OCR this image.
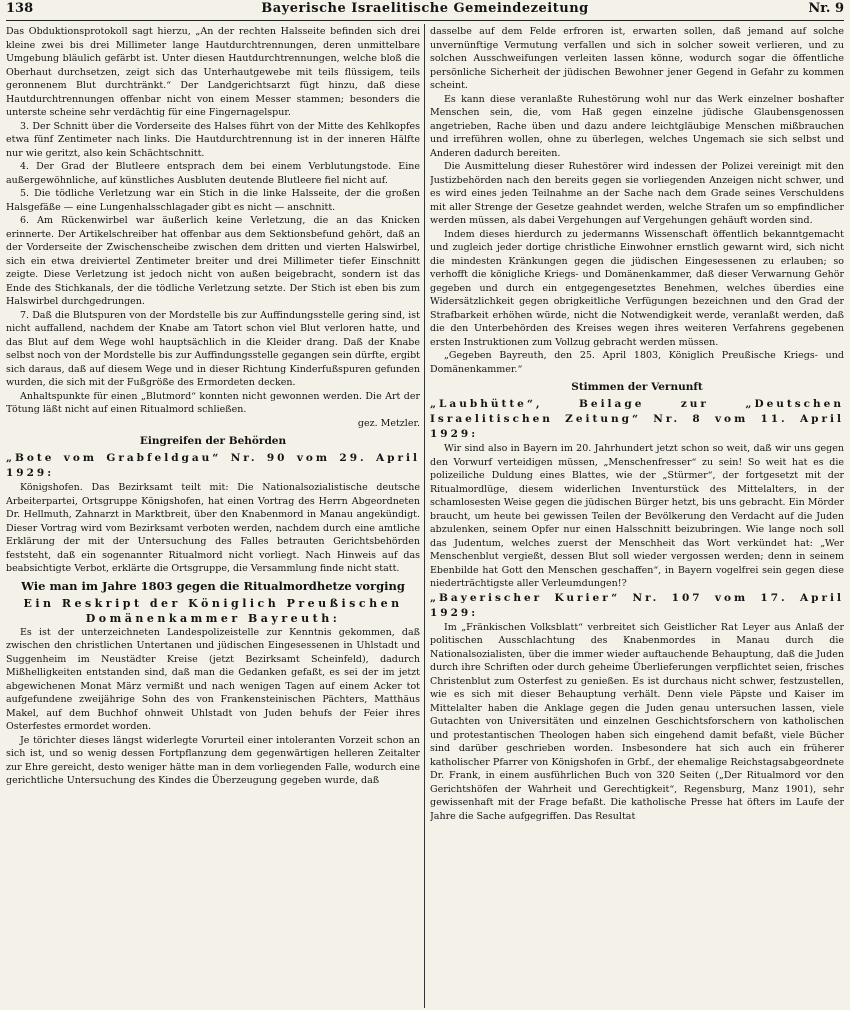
138	Bayerische Israelitische Gemeindezeitung	Nr. 9

Das Obduktionsprotokoll sagt hierzu, „An der rechten Halsseite befinden sich drei kleine zwei bis drei Millimeter lange Hautdurchtrennungen, deren unmittelbare Umgebung bläulich gefärbt ist. Unter diesen Hautdurchtrennungen, welche bloß die Oberhaut durchsetzen, zeigt sich das Unterhautgewebe mit teils flüssigem, teils geronnenem Blut durchtränkt.“ Der Landgerichtsarzt fügt hinzu, daß diese Hautdurchtrennungen offenbar nicht von einem Messer stammen; besonders die unterste scheine sehr verdächtig für eine Fingernagelspur.

3. Der Schnitt über die Vorderseite des Halses führt von der Mitte des Kehlkopfes etwa fünf Zentimeter nach links. Die Hautdurchtrennung ist in der inneren Hälfte nur wie geritzt, also kein Schächtschnitt.

4. Der Grad der Blutleere entsprach dem bei einem Verblutungstode. Eine außergewöhnliche, auf künstliches Ausbluten deutende Blutleere fiel nicht auf.

5. Die tödliche Verletzung war ein Stich in die linke Halsseite, der die großen Halsgefäße — eine Lungenhalsschlagader gibt es nicht — anschnitt.

6. Am Rückenwirbel war äußerlich keine Verletzung, die an das Knicken erinnerte. Der Artikelschreiber hat offenbar aus dem Sektionsbefund gehört, daß an der Vorderseite der Zwischenscheibe zwischen dem dritten und vierten Halswirbel, sich ein etwa dreiviertel Zentimeter breiter und drei Millimeter tiefer Einschnitt zeigte. Diese Verletzung ist jedoch nicht von außen beigebracht, sondern ist das Ende des Stichkanals, der die tödliche Verletzung setzte. Der Stich ist eben bis zum Halswirbel durchgedrungen.

7. Daß die Blutspuren von der Mordstelle bis zur Auffindungsstelle gering sind, ist nicht auffallend, nachdem der Knabe am Tatort schon viel Blut verloren hatte, und das Blut auf dem Wege wohl hauptsächlich in die Kleider drang. Daß der Knabe selbst noch von der Mordstelle bis zur Auffindungsstelle gegangen sein dürfte, ergibt sich daraus, daß auf diesem Wege und in dieser Richtung Kinderfußspuren gefunden wurden, die sich mit der Fußgröße des Ermordeten decken.

Anhaltspunkte für einen „Blutmord“ konnten nicht gewonnen werden. Die Art der Tötung läßt nicht auf einen Ritualmord schließen.

gez. Metzler.

Eingreifen der Behörden
„Bote vom Grabfeldgau“ Nr. 90 vom 29. April 1929:

Königshofen. Das Bezirksamt teilt mit: Die Nationalsozialistische deutsche Arbeiterpartei, Ortsgruppe Königshofen, hat einen Vortrag des Herrn Abgeordneten Dr. Hellmuth, Zahnarzt in Marktbreit, über den Knabenmord in Manau angekündigt. Dieser Vortrag wird vom Bezirksamt verboten werden, nachdem durch eine amtliche Erklärung der mit der Untersuchung des Falles betrauten Gerichtsbehörden feststeht, daß ein sogenannter Ritualmord nicht vorliegt. Nach Hinweis auf das beabsichtigte Verbot, erklärte die Ortsgruppe, die Versammlung finde nicht statt.

Wie man im Jahre 1803 gegen die Ritualmordhetze vorging
Ein Reskript der Königlich Preußischen Domänenkammer Bayreuth:

Es ist der unterzeichneten Landespolizeistelle zur Kenntnis gekommen, daß zwischen den christlichen Untertanen und jüdischen Eingesessenen in Uhlstadt und Suggenheim im Neustädter Kreise (jetzt Bezirksamt Scheinfeld), dadurch Mißhelligkeiten entstanden sind, daß man die Gedanken gefaßt, es sei der im jetzt abgewichenen Monat März vermißt und nach wenigen Tagen auf einem Acker tot aufgefundene zweijährige Sohn des von Frankensteinischen Pächters, Matthäus Makel, auf dem Buchhof ohnweit Uhlstadt von Juden behufs der Feier ihres Osterfestes ermordet worden.

Je törichter dieses längst widerlegte Vorurteil einer intoleranten Vorzeit schon an sich ist, und so wenig dessen Fortpflanzung dem gegenwärtigen helleren Zeitalter zur Ehre gereicht, desto weniger hätte man in dem vorliegenden Falle, wodurch eine gerichtliche Untersuchung des Kindes die Überzeugung gegeben wurde, daß

dasselbe auf dem Felde erfroren ist, erwarten sollen, daß jemand auf solche unvernünftige Vermutung verfallen und sich in solcher soweit verlieren, und zu solchen Ausschweifungen verleiten lassen könne, wodurch sogar die öffentliche persönliche Sicherheit der jüdischen Bewohner jener Gegend in Gefahr zu kommen scheint.

Es kann diese veranlaßte Ruhestörung wohl nur das Werk einzelner boshafter Menschen sein, die, vom Haß gegen einzelne jüdische Glaubensgenossen angetrieben, Rache üben und dazu andere leichtgläubige Menschen mißbrauchen und irreführen wollen, ohne zu überlegen, welches Ungemach sie sich selbst und Anderen dadurch bereiten.

Die Ausmittelung dieser Ruhestörer wird indessen der Polizei vereinigt mit den Justizbehörden nach den bereits gegen sie vorliegenden Anzeigen nicht schwer, und es wird eines jeden Teilnahme an der Sache nach dem Grade seines Verschuldens mit aller Strenge der Gesetze geahndet werden, welche Strafen um so empfindlicher werden müssen, als dabei Vergehungen auf Vergehungen gehäuft worden sind.

Indem dieses hierdurch zu jedermanns Wissenschaft öffentlich bekanntgemacht und zugleich jeder dortige christliche Einwohner ernstlich gewarnt wird, sich nicht die mindesten Kränkungen gegen die jüdischen Eingesessenen zu erlauben; so verhofft die königliche Kriegs- und Domänenkammer, daß dieser Verwarnung Gehör gegeben und durch ein entgegengesetztes Benehmen, welches überdies eine Widersätzlichkeit gegen obrigkeitliche Verfügungen bezeichnen und den Grad der Strafbarkeit erhöhen würde, nicht die Notwendigkeit werde, veranlaßt werden, daß die den Unterbehörden des Kreises wegen ihres weiteren Verfahrens gegebenen ersten Instruktionen zum Vollzug gebracht werden müssen.

„Gegeben Bayreuth, den 25. April 1803, Königlich Preußische Kriegs- und Domänenkammer.“

Stimmen der Vernunft
„Laubhütte“, Beilage zur „Deutschen Israelitischen Zeitung“ Nr. 8 vom 11. April 1929:

Wir sind also in Bayern im 20. Jahrhundert jetzt schon so weit, daß wir uns gegen den Vorwurf verteidigen müssen, „Menschenfresser“ zu sein! So weit hat es die polizeiliche Duldung eines Blattes, wie der „Stürmer“, der fortgesetzt mit der Ritualmordlüge, diesem widerlichen Inventurstück des Mittelalters, in der schamlosesten Weise gegen die jüdischen Bürger hetzt, bis uns gebracht. Ein Mörder braucht, um heute bei gewissen Teilen der Bevölkerung den Verdacht auf die Juden abzulenken, seinem Opfer nur einen Halsschnitt beizubringen. Wie lange noch soll das Judentum, welches zuerst der Menschheit das Wort verkündet hat: „Wer Menschenblut vergießt, dessen Blut soll wieder vergossen werden; denn in seinem Ebenbilde hat Gott den Menschen geschaffen“, in Bayern vogelfrei sein gegen diese niederträchtigste aller Verleumdungen!?

„Bayerischer Kurier“ Nr. 107 vom 17. April 1929:

Im „Fränkischen Volksblatt“ verbreitet sich Geistlicher Rat Leyer aus Anlaß der politischen Ausschlachtung des Knabenmordes in Manau durch die Nationalsozialisten, über die immer wieder auftauchende Behauptung, daß die Juden durch ihre Schriften oder durch geheime Überlieferungen verpflichtet seien, frisches Christenblut zum Osterfest zu genießen. Es ist durchaus nicht schwer, festzustellen, wie es sich mit dieser Behauptung verhält. Denn viele Päpste und Kaiser im Mittelalter haben die Anklage gegen die Juden genau untersuchen lassen, viele Gutachten von Universitäten und einzelnen Geschichtsforschern von katholischen und protestantischen Theologen haben sich eingehend damit befaßt, viele Bücher sind darüber geschrieben worden. Insbesondere hat sich auch ein früherer katholischer Pfarrer von Königshofen in Grbf., der ehemalige Reichstagsabgeordnete Dr. Frank, in einem ausführlichen Buch von 320 Seiten („Der Ritualmord vor den Gerichtshöfen der Wahrheit und Gerechtigkeit“, Regensburg, Manz 1901), sehr gewissenhaft mit der Frage befaßt. Die katholische Presse hat öfters im Laufe der Jahre die Sache aufgegriffen. Das Resultat
